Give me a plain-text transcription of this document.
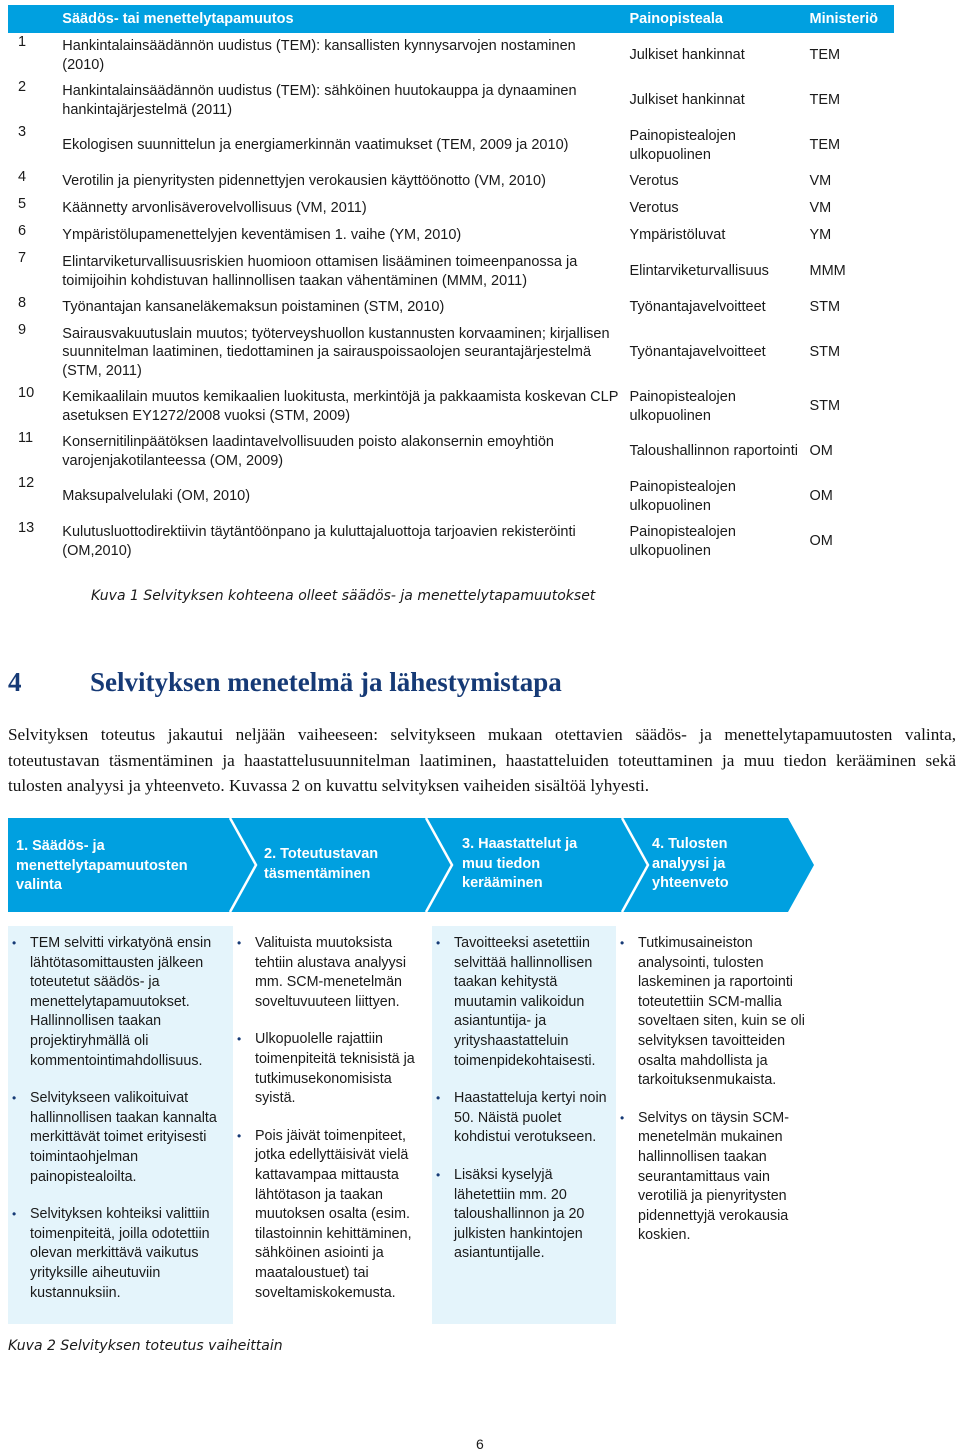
	Säädös- tai menettelytapamuutos	Painopisteala	Ministeriö
1	Hankintalainsäädännön uudistus (TEM): kansallisten kynnysarvojen nostaminen (2010)	Julkiset hankinnat	TEM
2	Hankintalainsäädännön uudistus (TEM): sähköinen huutokauppa ja dynaaminen hankintajärjestelmä (2011)	Julkiset hankinnat	TEM
3	Ekologisen suunnittelun ja energiamerkinnän vaatimukset (TEM, 2009 ja 2010)	Painopistealojen ulkopuolinen	TEM
4	Verotilin ja pienyritysten pidennettyjen verokausien käyttöönotto (VM, 2010)	Verotus	VM
5	Käännetty arvonlisäverovelvollisuus (VM, 2011)	Verotus	VM
6	Ympäristölupamenettelyjen keventämisen 1. vaihe (YM, 2010)	Ympäristöluvat	YM
7	Elintarviketurvallisuusriskien huomioon ottamisen lisääminen toimeenpanossa ja toimijoihin kohdistuvan hallinnollisen taakan vähentäminen (MMM, 2011)	Elintarviketurvallisuus	MMM
8	Työnantajan kansaneläkemaksun poistaminen (STM, 2010)	Työnantajavelvoitteet	STM
9	Sairausvakuutuslain muutos; työterveyshuollon kustannusten korvaaminen; kirjallisen suunnitelman laatiminen, tiedottaminen ja sairauspoissaolojen seurantajärjestelmä (STM, 2011)	Työnantajavelvoitteet	STM
10	Kemikaalilain muutos kemikaalien luokitusta, merkintöjä ja pakkaamista koskevan CLP asetuksen EY1272/2008 vuoksi (STM, 2009)	Painopistealojen ulkopuolinen	STM
11	Konsernitilinpäätöksen laadintavelvollisuuden poisto alakonsernin emoyhtiön varojenjakotilanteessa (OM, 2009)	Taloushallinnon raportointi	OM
12	Maksupalvelulaki (OM, 2010)	Painopistealojen ulkopuolinen	OM
13	Kulutusluottodirektiivin täytäntöönpano ja kuluttajaluottoja tarjoavien rekisteröinti (OM,2010)	Painopistealojen ulkopuolinen	OM
Kuva 1 Selvityksen kohteena olleet säädös- ja menettelytapamuutokset
4	Selvityksen menetelmä ja lähestymistapa
Selvityksen toteutus jakautui neljään vaiheeseen: selvitykseen mukaan otettavien säädös- ja menettelytapamuutosten valinta, toteutustavan täsmentäminen ja haastattelusuunnitelman laatiminen, haastatteluiden toteuttaminen ja muu tiedon kerääminen sekä tulosten analyysi ja yhteenveto. Kuvassa 2 on kuvattu selvityksen vaiheiden sisältöä lyhyesti.
1. Säädös- ja
menettelytapamuutosten
valinta
2. Toteutustavan
täsmentäminen
3. Haastattelut ja
muu tiedon
kerääminen
4. Tulosten
analyysi ja
yhteenveto
• TEM selvitti virkatyönä ensin lähtötasomittausten jälkeen toteutetut säädös- ja menettelytapamuutokset. Hallinnollisen taakan projektiryhmällä oli kommentointimahdollisuus.
• Selvitykseen valikoituivat hallinnollisen taakan kannalta merkittävät toimet erityisesti toimintaohjelman painopistealoilta.
• Selvityksen kohteiksi valittiin toimenpiteitä, joilla odotettiin olevan merkittävä vaikutus yrityksille aiheutuviin kustannuksiin.
• Valituista muutoksista tehtiin alustava analyysi mm. SCM-menetelmän soveltuvuuteen liittyen.
• Ulkopuolelle rajattiin toimenpiteitä teknisistä ja tutkimusekonomisista syistä.
• Pois jäivät toimenpiteet, jotka edellyttäisivät vielä kattavampaa mittausta lähtötason ja taakan muutoksen osalta (esim. tilastoinnin kehittäminen, sähköinen asiointi ja maataloustuet) tai soveltamiskokemusta.
• Tavoitteeksi asetettiin selvittää hallinnollisen taakan kehitystä muutamin valikoidun asiantuntija- ja yrityshaastatteluin toimenpidekohtaisesti.
• Haastatteluja kertyi noin 50. Näistä puolet kohdistui verotukseen.
• Lisäksi kyselyjä lähetettiin mm. 20 taloushallinnon ja 20 julkisten hankintojen asiantuntijalle.
• Tutkimusaineiston analysointi, tulosten laskeminen ja raportointi toteutettiin SCM-mallia soveltaen siten, kuin se oli selvityksen tavoitteiden osalta mahdollista ja tarkoituksenmukaista.
• Selvitys on täysin SCM-menetelmän mukainen hallinnollisen taakan seurantamittaus vain verotiliä ja pienyritysten pidennettyjä verokausia koskien.
Kuva 2 Selvityksen toteutus vaiheittain
6
